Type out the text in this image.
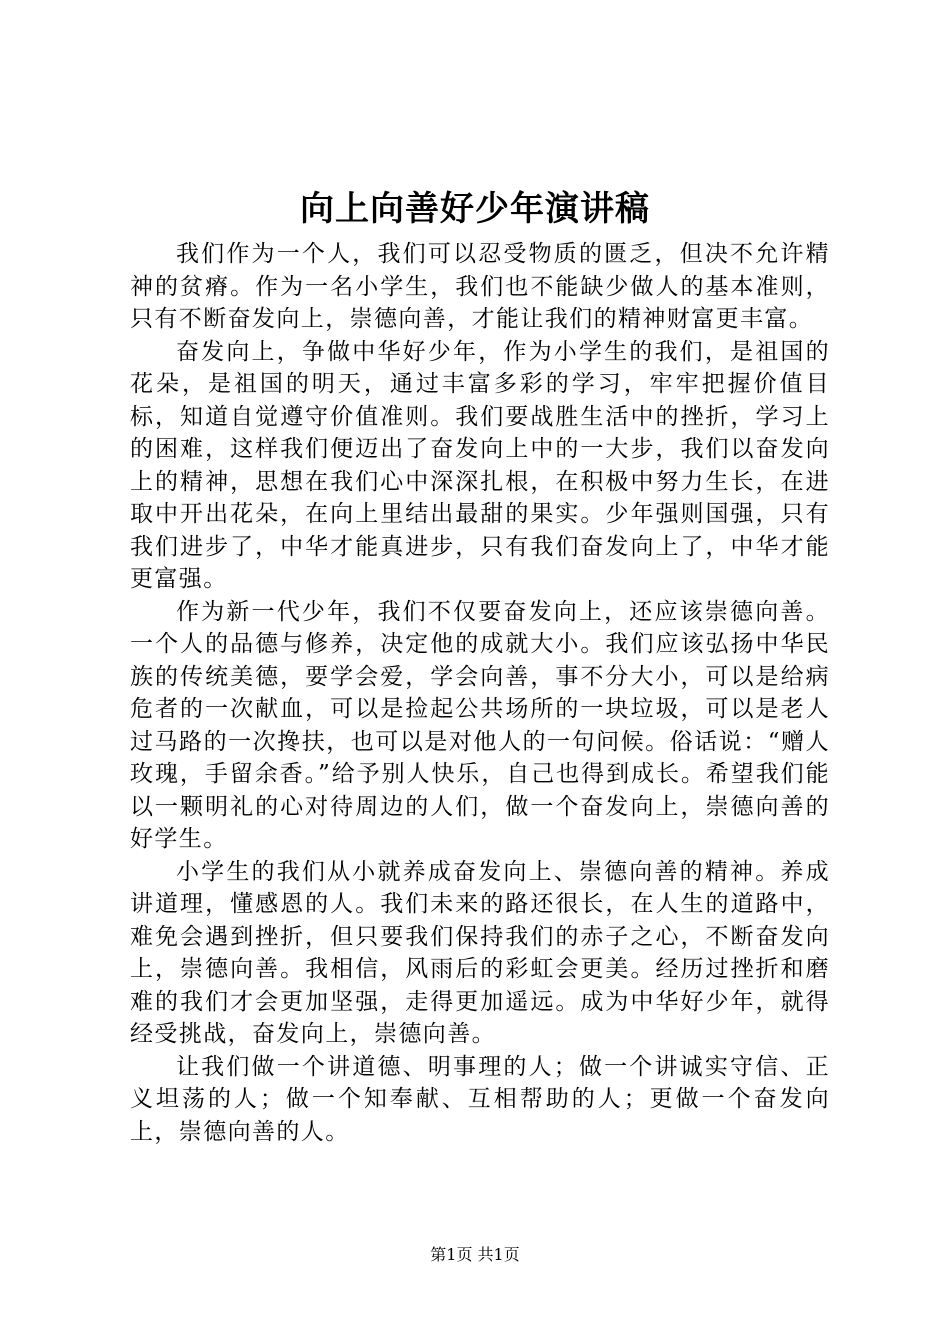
向上向善好少年演讲稿

我们作为一个人，我们可以忍受物质的匮乏，但决不允许精神的贫瘠。作为一名小学生，我们也不能缺少做人的基本准则，只有不断奋发向上，崇德向善，才能让我们的精神财富更丰富。

奋发向上，争做中华好少年，作为小学生的我们，是祖国的花朵，是祖国的明天，通过丰富多彩的学习，牢牢把握价值目标，知道自觉遵守价值准则。我们要战胜生活中的挫折，学习上的困难，这样我们便迈出了奋发向上中的一大步，我们以奋发向上的精神，思想在我们心中深深扎根，在积极中努力生长，在进取中开出花朵，在向上里结出最甜的果实。少年强则国强，只有我们进步了，中华才能真进步，只有我们奋发向上了，中华才能更富强。

作为新一代少年，我们不仅要奋发向上，还应该崇德向善。一个人的品德与修养，决定他的成就大小。我们应该弘扬中华民族的传统美德，要学会爱，学会向善，事不分大小，可以是给病危者的一次献血，可以是捡起公共场所的一块垃圾，可以是老人过马路的一次搀扶，也可以是对他人的一句问候。俗话说：“赠人玫瑰，手留余香。”给予别人快乐，自己也得到成长。希望我们能以一颗明礼的心对待周边的人们，做一个奋发向上，崇德向善的好学生。

小学生的我们从小就养成奋发向上、崇德向善的精神。养成讲道理，懂感恩的人。我们未来的路还很长，在人生的道路中，难免会遇到挫折，但只要我们保持我们的赤子之心，不断奋发向上，崇德向善。我相信，风雨后的彩虹会更美。经历过挫折和磨难的我们才会更加坚强，走得更加遥远。成为中华好少年，就得经受挑战，奋发向上，崇德向善。

让我们做一个讲道德、明事理的人；做一个讲诚实守信、正义坦荡的人；做一个知奉献、互相帮助的人；更做一个奋发向上，崇德向善的人。

第1页 共1页
